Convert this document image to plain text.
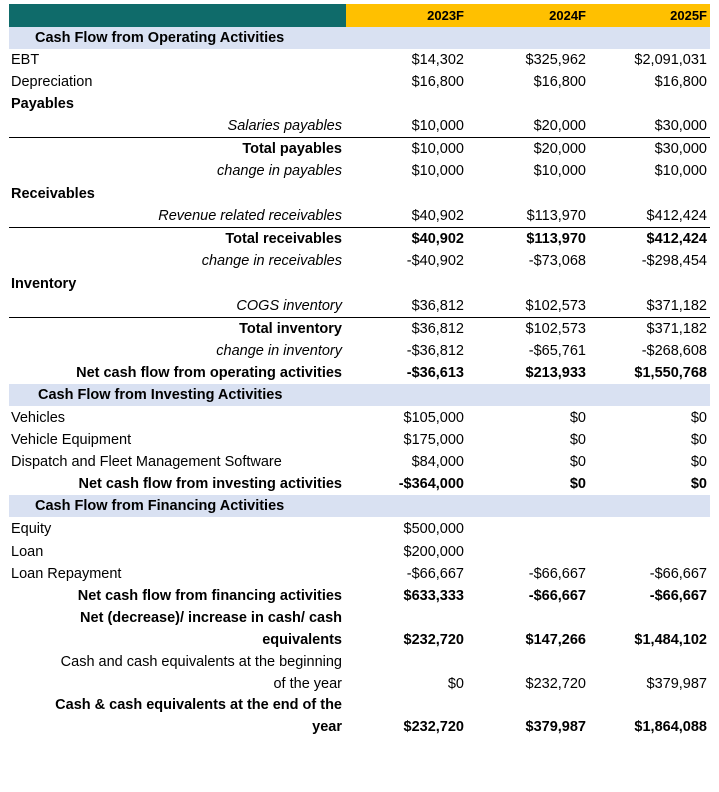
2023F	2024F	2025F
Cash Flow from Operating Activities
EBT	$14,302	$325,962	$2,091,031
Depreciation	$16,800	$16,800	$16,800
Payables
Salaries payables	$10,000	$20,000	$30,000
Total payables	$10,000	$20,000	$30,000
change in payables	$10,000	$10,000	$10,000
Receivables
Revenue related receivables	$40,902	$113,970	$412,424
Total receivables	$40,902	$113,970	$412,424
change in receivables	-$40,902	-$73,068	-$298,454
Inventory
COGS inventory	$36,812	$102,573	$371,182
Total inventory	$36,812	$102,573	$371,182
change in inventory	-$36,812	-$65,761	-$268,608
Net cash flow from operating activities	-$36,613	$213,933	$1,550,768
Cash Flow from Investing Activities
Vehicles	$105,000	$0	$0
Vehicle Equipment	$175,000	$0	$0
Dispatch and Fleet Management Software	$84,000	$0	$0
Net cash flow from investing activities	-$364,000	$0	$0
Cash Flow from Financing Activities
Equity	$500,000
Loan	$200,000
Loan Repayment	-$66,667	-$66,667	-$66,667
Net cash flow from financing activities	$633,333	-$66,667	-$66,667
Net (decrease)/ increase in cash/ cash
equivalents	$232,720	$147,266	$1,484,102
Cash and cash equivalents at the beginning
of the year	$0	$232,720	$379,987
Cash & cash equivalents at the end of the
year	$232,720	$379,987	$1,864,088
